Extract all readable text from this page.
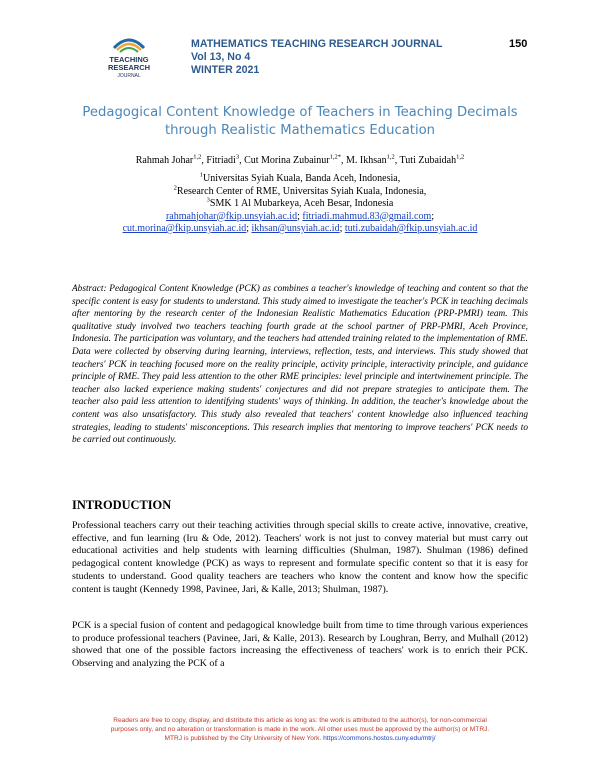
TEACHING
RESEARCH
JOURNAL
MATHEMATICS TEACHING RESEARCH JOURNAL
Vol 13, No 4
WINTER 2021
150
Pedagogical Content Knowledge of Teachers in Teaching Decimals through Realistic Mathematics Education
Rahmah Johar$^{1,2}$, Fitriadi$^3$, Cut Morina Zubainur$^{1,2*}$, M. Ikhsan$^{1,2}$, Tuti Zubaidah$^{1,2}$
$^1$Universitas Syiah Kuala, Banda Aceh, Indonesia,
$^2$Research Center of RME, Universitas Syiah Kuala, Indonesia,
$^3$SMK 1 Al Mubarkeya, Aceh Besar, Indonesia
rahmahjohar@fkip.unsyiah.ac.id; fitriadi.mahmud.83@gmail.com;
cut.morina@fkip.unsyiah.ac.id; ikhsan@unsyiah.ac.id; tuti.zubaidah@fkip.unsyiah.ac.id

Abstract: Pedagogical Content Knowledge (PCK) as combines a teacher's knowledge of teaching and content so that the specific content is easy for students to understand. This study aimed to investigate the teacher's PCK in teaching decimals after mentoring by the research center of the Indonesian Realistic Mathematics Education (PRP-PMRI) team. This qualitative study involved two teachers teaching fourth grade at the school partner of PRP-PMRI, Aceh Province, Indonesia. The participation was voluntary, and the teachers had attended training related to the implementation of RME. Data were collected by observing during learning, interviews, reflection, tests, and interviews. This study showed that teachers' PCK in teaching focused more on the reality principle, activity principle, interactivity principle, and guidance principle of RME. They paid less attention to the other RME principles: level principle and intertwinement principle. The teacher also lacked experience making students' conjectures and did not prepare strategies to anticipate them. The teacher also paid less attention to identifying students' ways of thinking. In addition, the teacher's knowledge about the content was also unsatisfactory. This study also revealed that teachers' content knowledge also influenced teaching strategies, leading to students' misconceptions. This research implies that mentoring to improve teachers' PCK needs to be carried out continuously.

INTRODUCTION

Professional teachers carry out their teaching activities through special skills to create active, innovative, creative, effective, and fun learning (Iru & Ode, 2012). Teachers' work is not just to convey material but must carry out educational activities and help students with learning difficulties (Shulman, 1987). Shulman (1986) defined pedagogical content knowledge (PCK) as ways to represent and formulate specific content so that it is easy for students to understand. Good quality teachers are teachers who know the content and know how the specific content is taught (Kennedy 1998, Pavinee, Jari, & Kalle, 2013; Shulman, 1987).

PCK is a special fusion of content and pedagogical knowledge built from time to time through various experiences to produce professional teachers (Pavinee, Jari, & Kalle, 2013). Research by Loughran, Berry, and Mulhall (2012) showed that one of the possible factors increasing the effectiveness of teachers' work is to enrich their PCK. Observing and analyzing the PCK of a

Readers are free to copy, display, and distribute this article as long as: the work is attributed to the author(s), for non-commercial
purposes only, and no alteration or transformation is made in the work. All other uses must be approved by the author(s) or MTRJ.
MTRJ is published by the City University of New York. https://commons.hostos.cuny.edu/mtrj/
